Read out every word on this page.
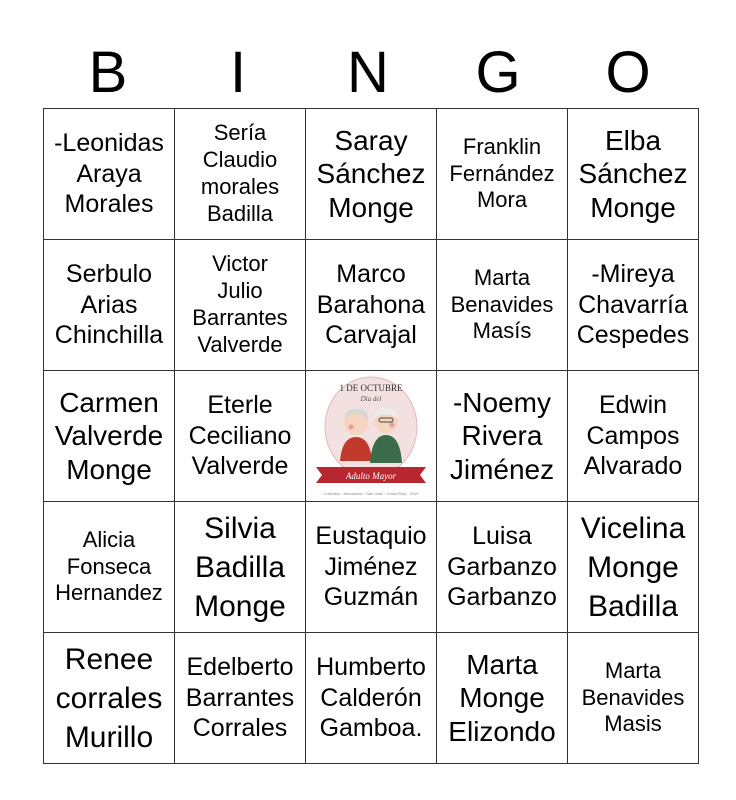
B	I	N	G	O
-Leonidas
Araya
Morales	Sería
Claudio
morales
Badilla	Saray
Sánchez
Monge	Franklin
Fernández
Mora	Elba
Sánchez
Monge

Serbulo
Arias
Chinchilla	Victor
Julio
Barrantes
Valverde	Marco
Barahona
Carvajal	Marta
Benavides
Masís	-Mireya
Chavarría
Cespedes

Carmen
Valverde
Monge	Eterle
Ceciliano
Valverde	1 DE OCTUBRE
Día del
Adulto Mayor
Colectivo · Asociación · San José · Costa Rica · 2019	-Noemy
Rivera
Jiménez	Edwin
Campos
Alvarado

Alicia
Fonseca
Hernandez	Silvia
Badilla
Monge	Eustaquio
Jiménez
Guzmán	Luisa
Garbanzo
Garbanzo	Vicelina
Monge
Badilla

Renee
corrales
Murillo	Edelberto
Barrantes
Corrales	Humberto
Calderón
Gamboa.	Marta
Monge
Elizondo	Marta
Benavides
Masis
